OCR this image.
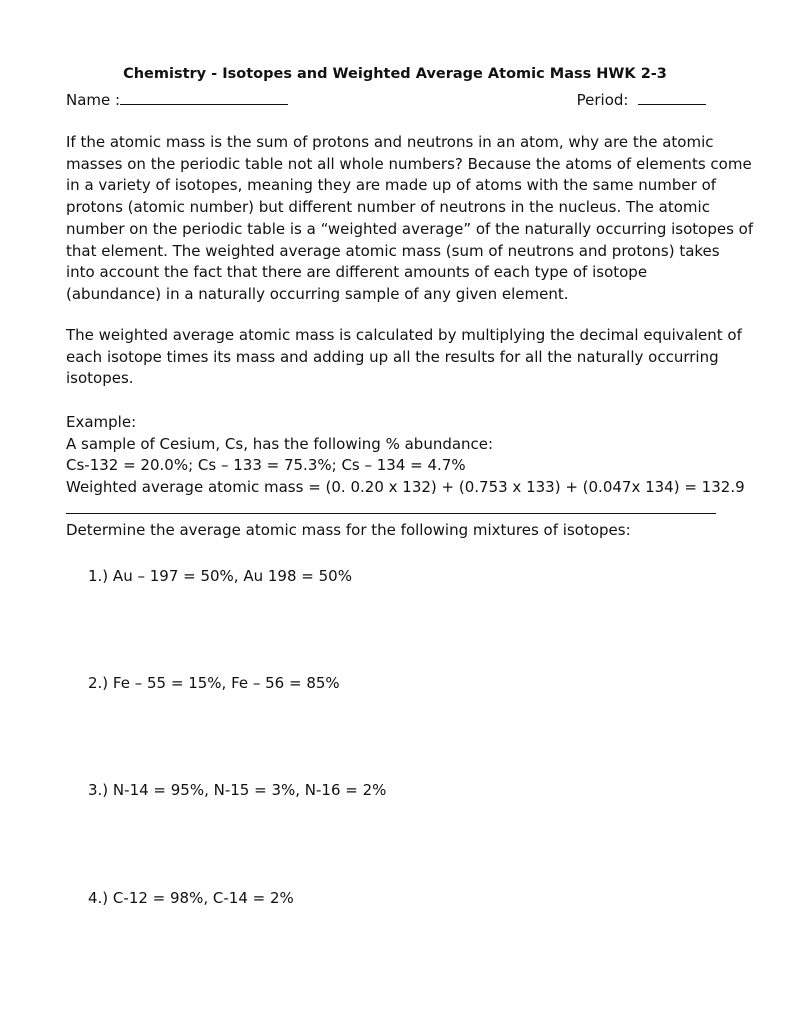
Chemistry - Isotopes and Weighted Average Atomic Mass HWK 2-3
Name :	Period:
If the atomic mass is the sum of protons and neutrons in an atom, why are the atomic
masses on the periodic table not all whole numbers? Because the atoms of elements come
in a variety of isotopes, meaning they are made up of atoms with the same number of
protons (atomic number) but different number of neutrons in the nucleus. The atomic
number on the periodic table is a “weighted average” of the naturally occurring isotopes of
that element. The weighted average atomic mass (sum of neutrons and protons) takes
into account the fact that there are different amounts of each type of isotope
(abundance) in a naturally occurring sample of any given element.
The weighted average atomic mass is calculated by multiplying the decimal equivalent of
each isotope times its mass and adding up all the results for all the naturally occurring
isotopes.
Example:
A sample of Cesium, Cs, has the following % abundance:
Cs-132 = 20.0%; Cs – 133 = 75.3%; Cs – 134 = 4.7%
Weighted average atomic mass = (0. 0.20 x 132) + (0.753 x 133) + (0.047x 134) = 132.9
Determine the average atomic mass for the following mixtures of isotopes:
1.) Au – 197 = 50%, Au 198 = 50%
2.) Fe – 55 = 15%, Fe – 56 = 85%
3.) N-14 = 95%, N-15 = 3%, N-16 = 2%
4.) C-12 = 98%, C-14 = 2%
